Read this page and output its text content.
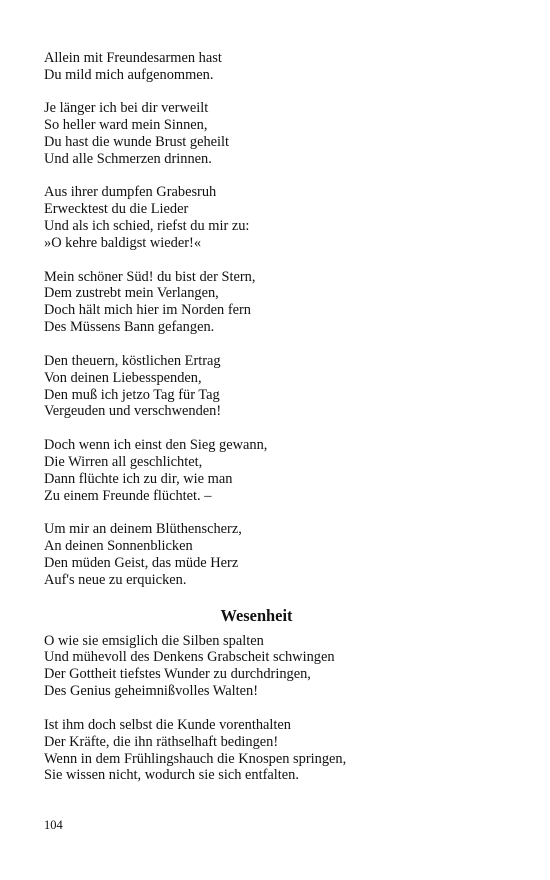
Allein mit Freundesarmen hast
Du mild mich aufgenommen.
Je länger ich bei dir verweilt
So heller ward mein Sinnen,
Du hast die wunde Brust geheilt
Und alle Schmerzen drinnen.
Aus ihrer dumpfen Grabesruh
Erwecktest du die Lieder
Und als ich schied, riefst du mir zu:
»O kehre baldigst wieder!«
Mein schöner Süd! du bist der Stern,
Dem zustrebt mein Verlangen,
Doch hält mich hier im Norden fern
Des Müssens Bann gefangen.
Den theuern, köstlichen Ertrag
Von deinen Liebesspenden,
Den muß ich jetzo Tag für Tag
Vergeuden und verschwenden!
Doch wenn ich einst den Sieg gewann,
Die Wirren all geschlichtet,
Dann flüchte ich zu dir, wie man
Zu einem Freunde flüchtet. –
Um mir an deinem Blüthenscherz,
An deinen Sonnenblicken
Den müden Geist, das müde Herz
Auf's neue zu erquicken.
Wesenheit
O wie sie emsiglich die Silben spalten
Und mühevoll des Denkens Grabscheit schwingen
Der Gottheit tiefstes Wunder zu durchdringen,
Des Genius geheimnißvolles Walten!
Ist ihm doch selbst die Kunde vorenthalten
Der Kräfte, die ihn räthselhaft bedingen!
Wenn in dem Frühlingshauch die Knospen springen,
Sie wissen nicht, wodurch sie sich entfalten.
104
